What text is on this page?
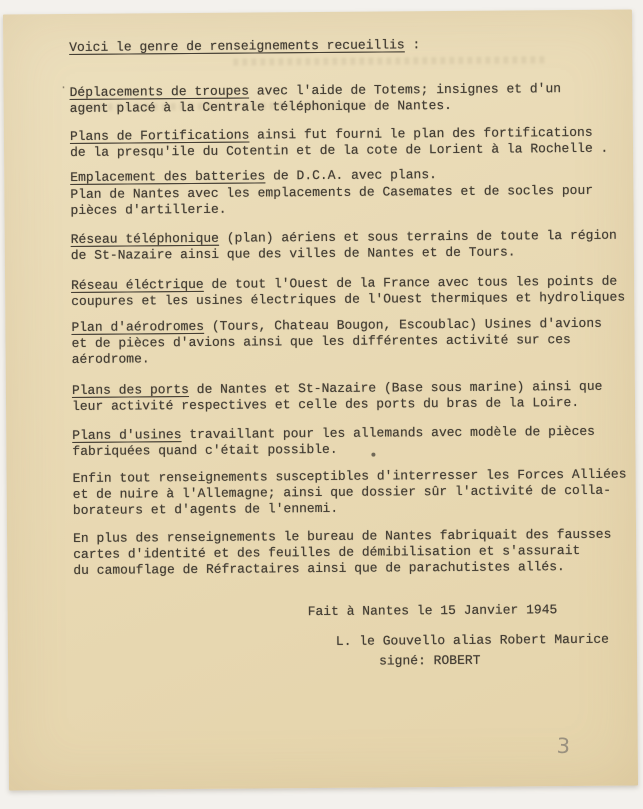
·
Voici le genre de renseignements recueillis :
Déplacements de troupes avec l'aide de Totems; insignes et d'un
agent placé à la Centrale téléphonique de Nantes.
Plans de Fortifications ainsi fut fourni le plan des fortifications
de la presqu'ile du Cotentin et de la cote de Lorient à la Rochelle .
Emplacement des batteries de D.C.A. avec plans.
Plan de Nantes avec les emplacements de Casemates et de socles pour
pièces d'artillerie.
Réseau téléphonique (plan) aériens et sous terrains de toute la région
de St-Nazaire ainsi que des villes de Nantes et de Tours.
Réseau éléctrique de tout l'Ouest de la France avec tous les points de
coupures et les usines électriques de l'Ouest thermiques et hydroliques
Plan d'aérodromes (Tours, Chateau Bougon, Escoublac) Usines d'avions
et de pièces d'avions ainsi que les différentes activité sur ces
aérodrome.
Plans des ports de Nantes et St-Nazaire (Base sous marine) ainsi que
leur activité respectives et celle des ports du bras de la Loire.
Plans d'usines travaillant pour les allemands avec modèle de pièces
fabriquées quand c'était possible.
Enfin tout renseignements susceptibles d'interresser les Forces Alliées
et de nuire à l'Allemagne; ainsi que dossier sûr l'activité de colla-
borateurs et d'agents de l'ennemi.
En plus des renseignements le bureau de Nantes fabriquait des fausses
cartes d'identité et des feuilles de démibilisation et s'assurait
du camouflage de Réfractaires ainsi que de parachutistes allés.
Fait à Nantes le 15 Janvier 1945
L. le Gouvello alias Robert Maurice
signé: ROBERT
3
